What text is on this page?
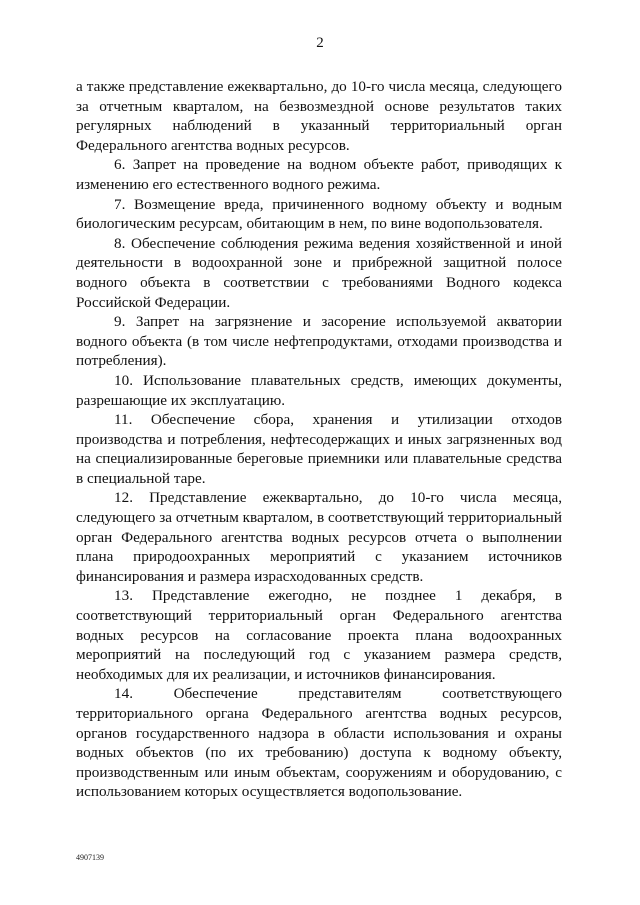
2

а также представление ежеквартально, до 10-го числа месяца, следующего за отчетным кварталом, на безвозмездной основе результатов таких регулярных наблюдений в указанный территориальный орган Федерального агентства водных ресурсов.

6. Запрет на проведение на водном объекте работ, приводящих к изменению его естественного водного режима.

7. Возмещение вреда, причиненного водному объекту и водным биологическим ресурсам, обитающим в нем, по вине водопользователя.

8. Обеспечение соблюдения режима ведения хозяйственной и иной деятельности в водоохранной зоне и прибрежной защитной полосе водного объекта в соответствии с требованиями Водного кодекса Российской Федерации.

9. Запрет на загрязнение и засорение используемой акватории водного объекта (в том числе нефтепродуктами, отходами производства и потребления).

10. Использование плавательных средств, имеющих документы, разрешающие их эксплуатацию.

11. Обеспечение сбора, хранения и утилизации отходов производства и потребления, нефтесодержащих и иных загрязненных вод на специализированные береговые приемники или плавательные средства в специальной таре.

12. Представление ежеквартально, до 10-го числа месяца, следующего за отчетным кварталом, в соответствующий территориальный орган Федерального агентства водных ресурсов отчета о выполнении плана природоохранных мероприятий с указанием источников финансирования и размера израсходованных средств.

13. Представление ежегодно, не позднее 1 декабря, в соответствующий территориальный орган Федерального агентства водных ресурсов на согласование проекта плана водоохранных мероприятий на последующий год с указанием размера средств, необходимых для их реализации, и источников финансирования.

14. Обеспечение представителям соответствующего территориального органа Федерального агентства водных ресурсов, органов государственного надзора в области использования и охраны водных объектов (по их требованию) доступа к водному объекту, производственным или иным объектам, сооружениям и оборудованию, с использованием которых осуществляется водопользование.

4907139
